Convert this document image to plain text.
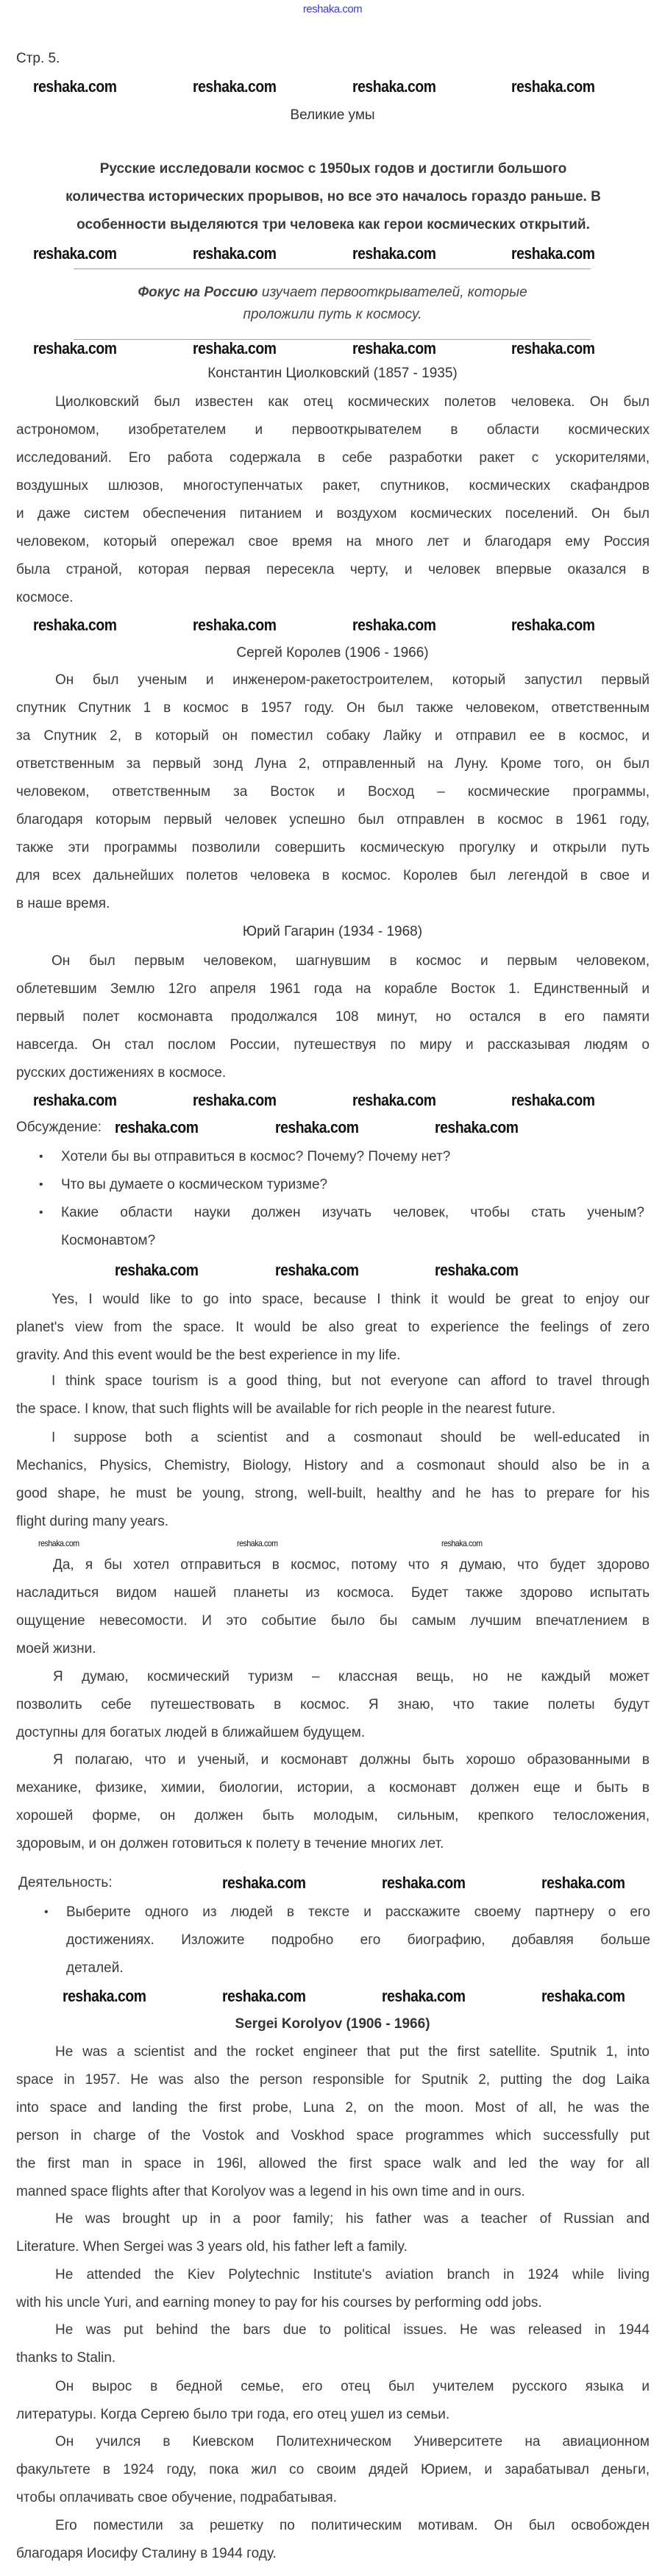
reshaka.com
Стр. 5.
Великие умы
Русские исследовали космос с 1950ых годов и достигли большого
количества исторических прорывов, но все это началось гораздо раньше. В
особенности выделяются три человека как герои космических открытий.
Фокус на Россию изучает первооткрывателей, которые
проложили путь к космосу.
Константин Циолковский (1857 - 1935)
Циолковский был известен как отец космических полетов человека. Он был
астрономом, изобретателем и первооткрывателем в области космических
исследований. Его работа содержала в себе разработки ракет с ускорителями,
воздушных шлюзов, многоступенчатых ракет, спутников, космических скафандров
и даже систем обеспечения питанием и воздухом космических поселений. Он был
человеком, который опережал свое время на много лет и благодаря ему Россия
была страной, которая первая пересекла черту, и человек впервые оказался в
космосе.
Сергей Королев (1906 - 1966)
Он был ученым и инженером-ракетостроителем, который запустил первый
спутник Спутник 1 в космос в 1957 году. Он был также человеком, ответственным
за Спутник 2, в который он поместил собаку Лайку и отправил ее в космос, и
ответственным за первый зонд Луна 2, отправленный на Луну. Кроме того, он был
человеком, ответственным за Восток и Восход – космические программы,
благодаря которым первый человек успешно был отправлен в космос в 1961 году,
также эти программы позволили совершить космическую прогулку и открыли путь
для всех дальнейших полетов человека в космос. Королев был легендой в свое и
в наше время.
Юрий Гагарин (1934 - 1968)
Он был первым человеком, шагнувшим в космос и первым человеком,
облетевшим Землю 12го апреля 1961 года на корабле Восток 1. Единственный и
первый полет космонавта продолжался 108 минут, но остался в его памяти
навсегда. Он стал послом России, путешествуя по миру и рассказывая людям о
русских достижениях в космосе.
Обсуждение:
• Хотели бы вы отправиться в космос? Почему? Почему нет?
• Что вы думаете о космическом туризме?
• Какие области науки должен изучать человек, чтобы стать ученым?
Космонавтом?
Yes, I would like to go into space, because I think it would be great to enjoy our
planet's view from the space. It would be also great to experience the feelings of zero
gravity. And this event would be the best experience in my life.
I think space tourism is a good thing, but not everyone can afford to travel through
the space. I know, that such flights will be available for rich people in the nearest future.
I suppose both a scientist and a cosmonaut should be well-educated in
Mechanics, Physics, Chemistry, Biology, History and a cosmonaut should also be in a
good shape, he must be young, strong, well-built, healthy and he has to prepare for his
flight during many years.
Да, я бы хотел отправиться в космос, потому что я думаю, что будет здорово
насладиться видом нашей планеты из космоса. Будет также здорово испытать
ощущение невесомости. И это событие было бы самым лучшим впечатлением в
моей жизни.
Я думаю, космический туризм – классная вещь, но не каждый может
позволить себе путешествовать в космос. Я знаю, что такие полеты будут
доступны для богатых людей в ближайшем будущем.
Я полагаю, что и ученый, и космонавт должны быть хорошо образованными в
механике, физике, химии, биологии, истории, а космонавт должен еще и быть в
хорошей форме, он должен быть молодым, сильным, крепкого телосложения,
здоровым, и он должен готовиться к полету в течение многих лет.
Деятельность:
• Выберите одного из людей в тексте и расскажите своему партнеру о его
достижениях. Изложите подробно его биографию, добавляя больше
деталей.
Sergei Korolyov (1906 - 1966)
He was a scientist and the rocket engineer that put the first satellite. Sputnik 1, into
space in 1957. He was also the person responsible for Sputnik 2, putting the dog Laika
into space and landing the first probe, Luna 2, on the moon. Most of all, he was the
person in charge of the Vostok and Voskhod space programmes which successfully put
the first man in space in 196l, allowed the first space walk and led the way for all
manned space flights after that Korolyov was a legend in his own time and in ours.
He was brought up in a poor family; his father was a teacher of Russian and
Literature. When Sergei was 3 years old, his father left a family.
He attended the Kiev Polytechnic Institute's aviation branch in 1924 while living
with his uncle Yuri, and earning money to pay for his courses by performing odd jobs.
He was put behind the bars due to political issues. He was released in 1944
thanks to Stalin.
Он вырос в бедной семье, его отец был учителем русского языка и
литературы. Когда Сергею было три года, его отец ушел из семьи.
Он учился в Киевском Политехническом Университете на авиационном
факультете в 1924 году, пока жил со своим дядей Юрием, и зарабатывал деньги,
чтобы оплачивать свое обучение, подрабатывая.
Его поместили за решетку по политическим мотивам. Он был освобожден
благодаря Иосифу Сталину в 1944 году.
reshaka.com	reshaka.com	reshaka.com	reshaka.com
reshaka.com	reshaka.com	reshaka.com	reshaka.com
reshaka.com	reshaka.com	reshaka.com	reshaka.com
reshaka.com	reshaka.com	reshaka.com	reshaka.com
reshaka.com	reshaka.com	reshaka.com	reshaka.com
reshaka.com	reshaka.com	reshaka.com
reshaka.com	reshaka.com	reshaka.com
reshaka.com	reshaka.com	reshaka.com
reshaka.com	reshaka.com	reshaka.com
reshaka.com	reshaka.com	reshaka.com	reshaka.com
